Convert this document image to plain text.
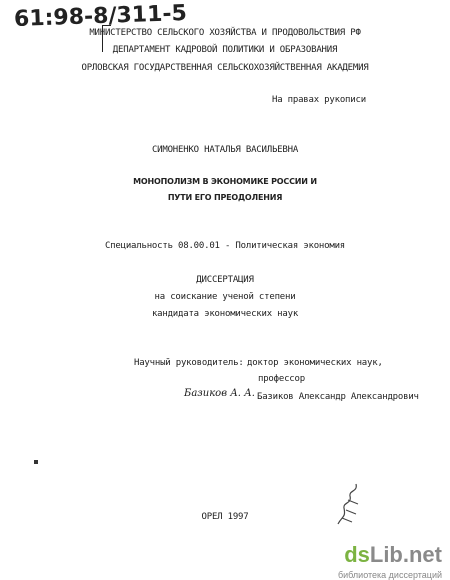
61:98-8/311-5
МИНИСТЕРСТВО СЕЛЬСКОГО ХОЗЯЙСТВА И ПРОДОВОЛЬСТВИЯ РФ
ДЕПАРТАМЕНТ КАДРОВОЙ ПОЛИТИКИ И ОБРАЗОВАНИЯ
ОРЛОВСКАЯ ГОСУДАРСТВЕННАЯ СЕЛЬСКОХОЗЯЙСТВЕННАЯ АКАДЕМИЯ
На правах рукописи
СИМОНЕНКО НАТАЛЬЯ ВАСИЛЬЕВНА
МОНОПОЛИЗМ В ЭКОНОМИКЕ РОССИИ И
ПУТИ ЕГО ПРЕОДОЛЕНИЯ
Специальность 08.00.01 - Политическая экономия
ДИССЕРТАЦИЯ
на соискание ученой степени
кандидата экономических наук
Научный руководитель: доктор экономических наук,
профессор
Базиков А. А. Базиков Александр Александрович
ОРЕЛ 1997
dsLib.net
библиотека диссертаций
